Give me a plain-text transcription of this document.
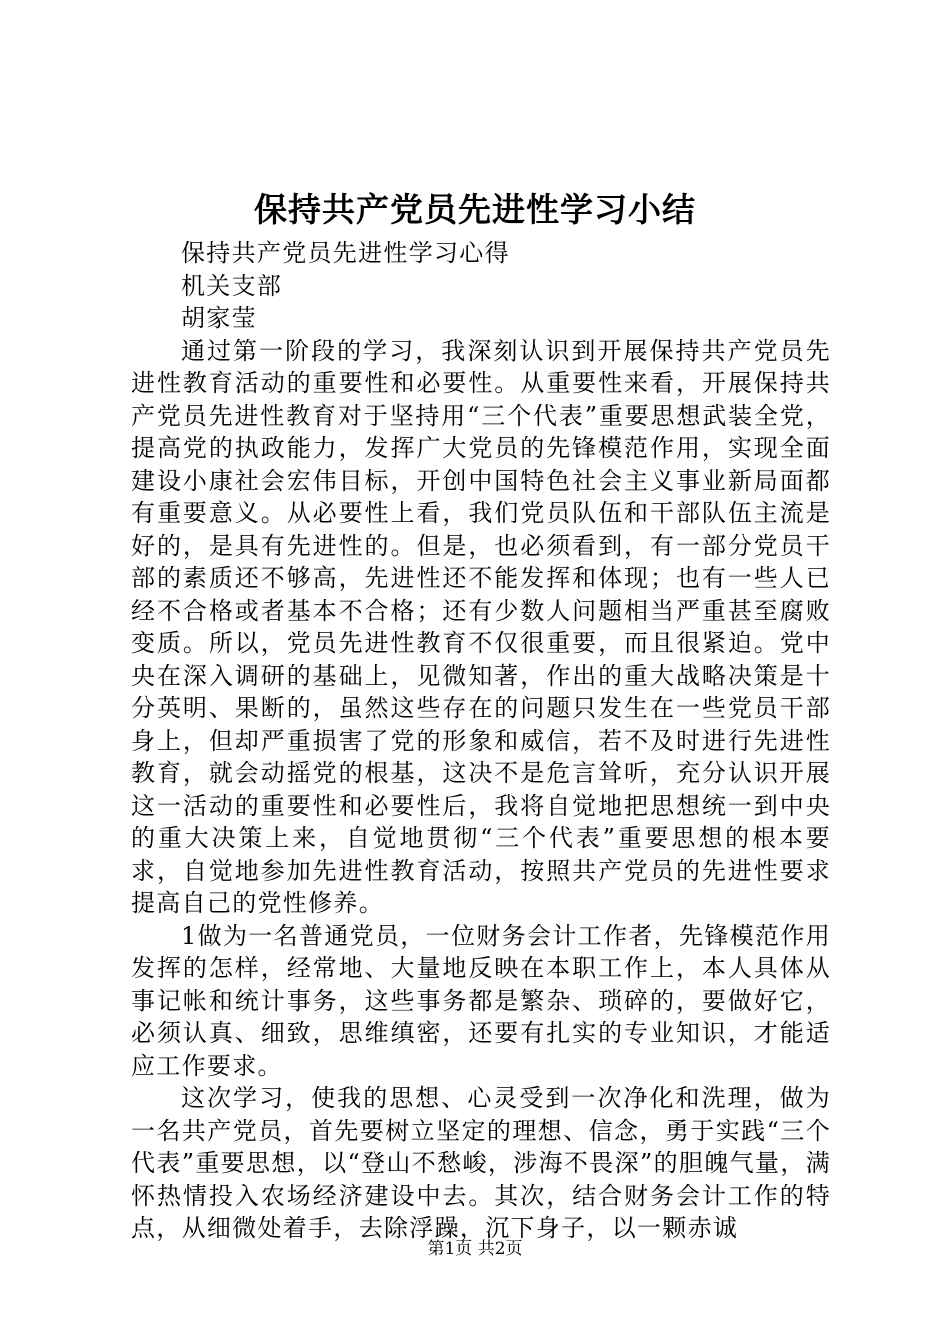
保持共产党员先进性学习小结

保持共产党员先进性学习心得

机关支部

胡家莹

通过第一阶段的学习，我深刻认识到开展保持共产党员先进性教育活动的重要性和必要性。从重要性来看，开展保持共产党员先进性教育对于坚持用“三个代表”重要思想武装全党，提高党的执政能力，发挥广大党员的先锋模范作用，实现全面建设小康社会宏伟目标，开创中国特色社会主义事业新局面都有重要意义。从必要性上看，我们党员队伍和干部队伍主流是好的，是具有先进性的。但是，也必须看到，有一部分党员干部的素质还不够高，先进性还不能发挥和体现；也有一些人已经不合格或者基本不合格；还有少数人问题相当严重甚至腐败变质。所以，党员先进性教育不仅很重要，而且很紧迫。党中央在深入调研的基础上，见微知著，作出的重大战略决策是十分英明、果断的，虽然这些存在的问题只发生在一些党员干部身上，但却严重损害了党的形象和威信，若不及时进行先进性教育，就会动摇党的根基，这决不是危言耸听，充分认识开展这一活动的重要性和必要性后，我将自觉地把思想统一到中央的重大决策上来，自觉地贯彻“三个代表”重要思想的根本要求，自觉地参加先进性教育活动，按照共产党员的先进性要求提高自己的党性修养。

1做为一名普通党员，一位财务会计工作者，先锋模范作用发挥的怎样，经常地、大量地反映在本职工作上，本人具体从事记帐和统计事务，这些事务都是繁杂、琐碎的，要做好它，必须认真、细致，思维缜密，还要有扎实的专业知识，才能适应工作要求。

这次学习，使我的思想、心灵受到一次净化和洗理，做为一名共产党员，首先要树立坚定的理想、信念，勇于实践“三个代表”重要思想，以“登山不愁峻，涉海不畏深”的胆魄气量，满怀热情投入农场经济建设中去。其次，结合财务会计工作的特点，从细微处着手，去除浮躁，沉下身子，以一颗赤诚

第1页 共2页
